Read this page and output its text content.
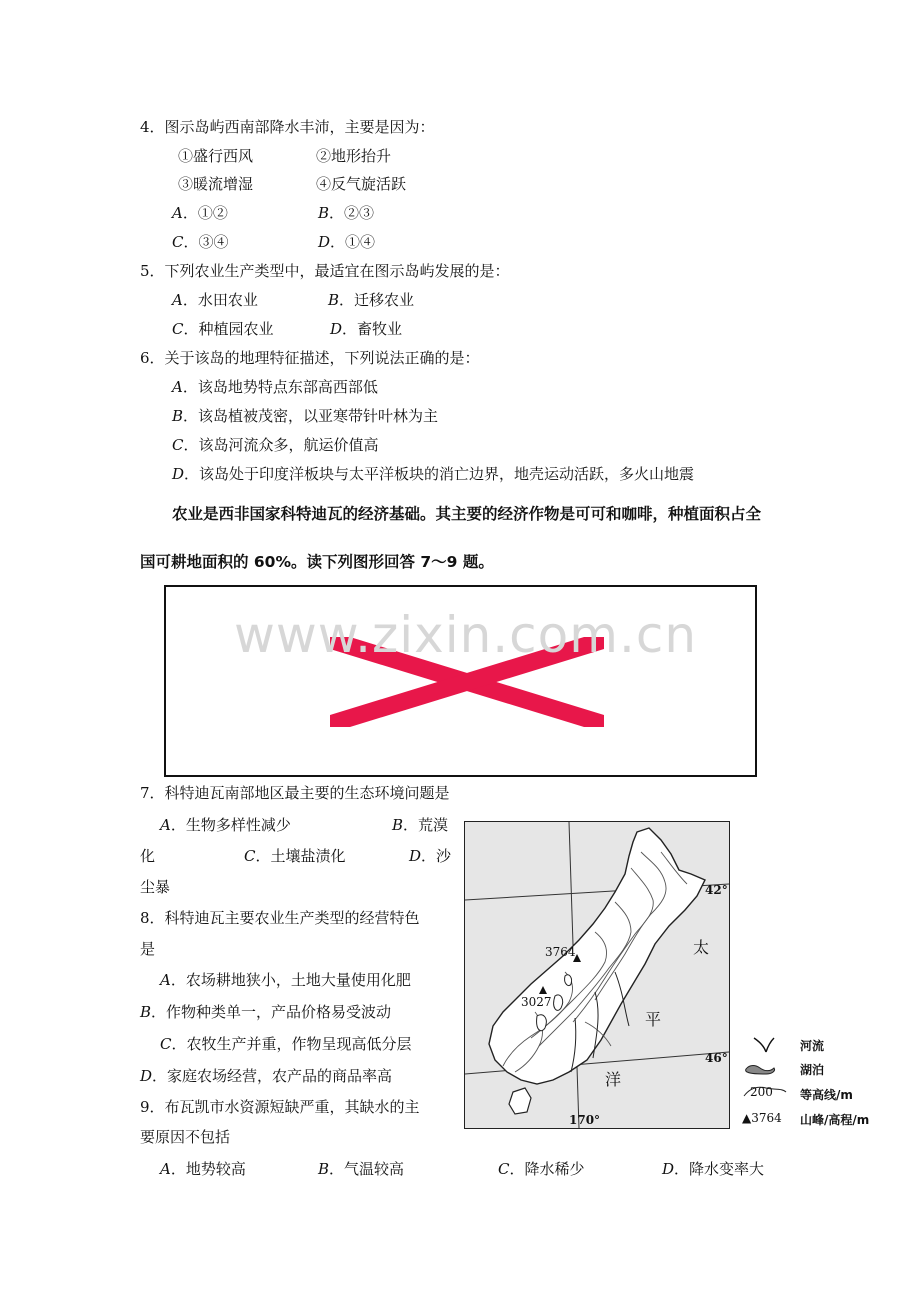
4．图示岛屿西南部降水丰沛，主要是因为：
①盛行西风	②地形抬升
③暖流增湿	④反气旋活跃
A．①②	B．②③
C．③④	D．①④
5．下列农业生产类型中，最适宜在图示岛屿发展的是：
A．水田农业	B．迁移农业
C．种植园农业	D．畜牧业
6．关于该岛的地理特征描述，下列说法正确的是：
A．该岛地势特点东部高西部低
B．该岛植被茂密，以亚寒带针叶林为主
C．该岛河流众多，航运价值高
D．该岛处于印度洋板块与太平洋板块的消亡边界，地壳运动活跃，多火山地震
农业是西非国家科特迪瓦的经济基础。其主要的经济作物是可可和咖啡，种植面积占全
国可耕地面积的 60%。读下列图形回答 7～9 题。
www.zixin.com.cn
7．科特迪瓦南部地区最主要的生态环境问题是
A．生物多样性减少	B．荒漠
化	C．土壤盐渍化	D．沙
尘暴
8．科特迪瓦主要农业生产类型的经营特色
是
A．农场耕地狭小，土地大量使用化肥
B．作物种类单一，产品价格易受波动
C．农牧生产并重，作物呈现高低分层
D．家庭农场经营，农产品的商品率高
9．布瓦凯市水资源短缺严重，其缺水的主
要原因不包括
A．地势较高	B．气温较高	C．降水稀少	D．降水变率大
42°
46°
170°
3764
3027
太
平
洋
河流
湖泊
200 等高线/m
▲3764 山峰/高程/m
